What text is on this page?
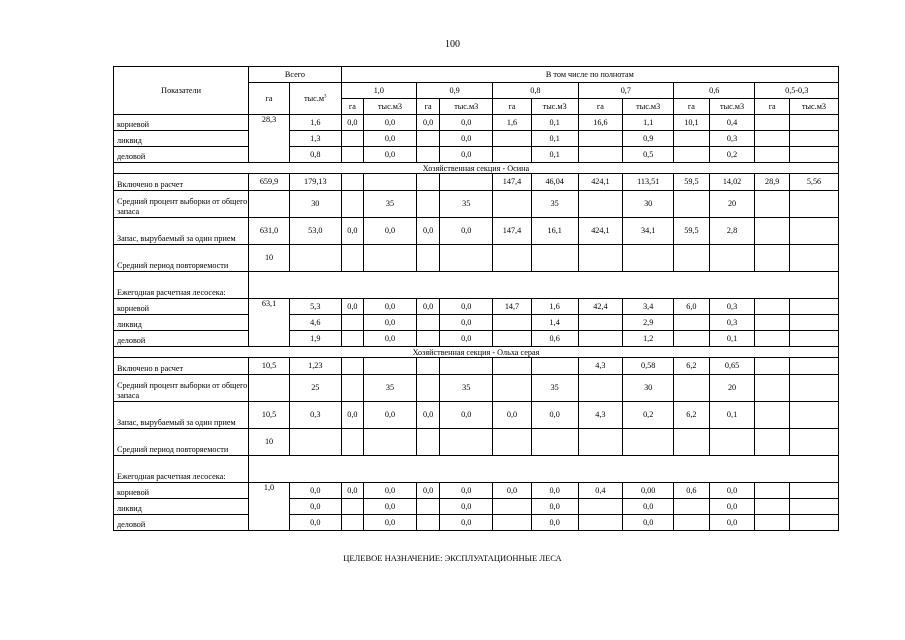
100
Показатели	Всего		В том числе по полнотам											
	га	$тыс.м^3$	1,0		0,9		0,8		0,7		0,6		0,5-0,3	
			га	тыс.м3	га	тыс.м3	га	тыс.м3	га	тыс.м3	га	тыс.м3	га	тыс.м3
корневой	28,3	1,6	0,0	0,0	0,0	0,0	1,6	0,1	16,6	1,1	10,1	0,4		
ликвид		1,3		0,0		0,0		0,1		0,9		0,3		
деловой		0,8		0,0		0,0		0,1		0,5		0,2		
Хозяйственная секция - Осина														
Включено в расчет	659,9	179,13					147,4	46,04	424,1	113,51	59,5	14,02	28,9	5,56
Средний процент выборки от общего запаса		30		35		35		35		30		20		
Запас, вырубаемый за один прием	631,0	53,0	0,0	0,0	0,0	0,0	147,4	16,1	424,1	34,1	59,5	2,8		
Средний период повторяемости	10													
Ежегодная расчетная лесосека:														
корневой	63,1	5,3	0,0	0,0	0,0	0,0	14,7	1,6	42,4	3,4	6,0	0,3		
ликвид		4,6		0,0		0,0		1,4		2,9		0,3		
деловой		1,9		0,0		0,0		0,6		1,2		0,1		
Хозяйственная секция - Ольха серая														
Включено в расчет	10,5	1,23							4,3	0,58	6,2	0,65		
Средний процент выборки от общего запаса		25		35		35		35		30		20		
Запас, вырубаемый за один прием	10,5	0,3	0,0	0,0	0,0	0,0	0,0	0,0	4,3	0,2	6,2	0,1		
Средний период повторяемости	10													
Ежегодная расчетная лесосека:														
корневой	1,0	0,0	0,0	0,0	0,0	0,0	0,0	0,0	0,4	0,00	0,6	0,0		
ликвид		0,0		0,0		0,0		0,0		0,0		0,0		
деловой		0,0		0,0		0,0		0,0		0,0		0,0		
ЦЕЛЕВОЕ НАЗНАЧЕНИЕ: ЭКСПЛУАТАЦИОННЫЕ ЛЕСА
